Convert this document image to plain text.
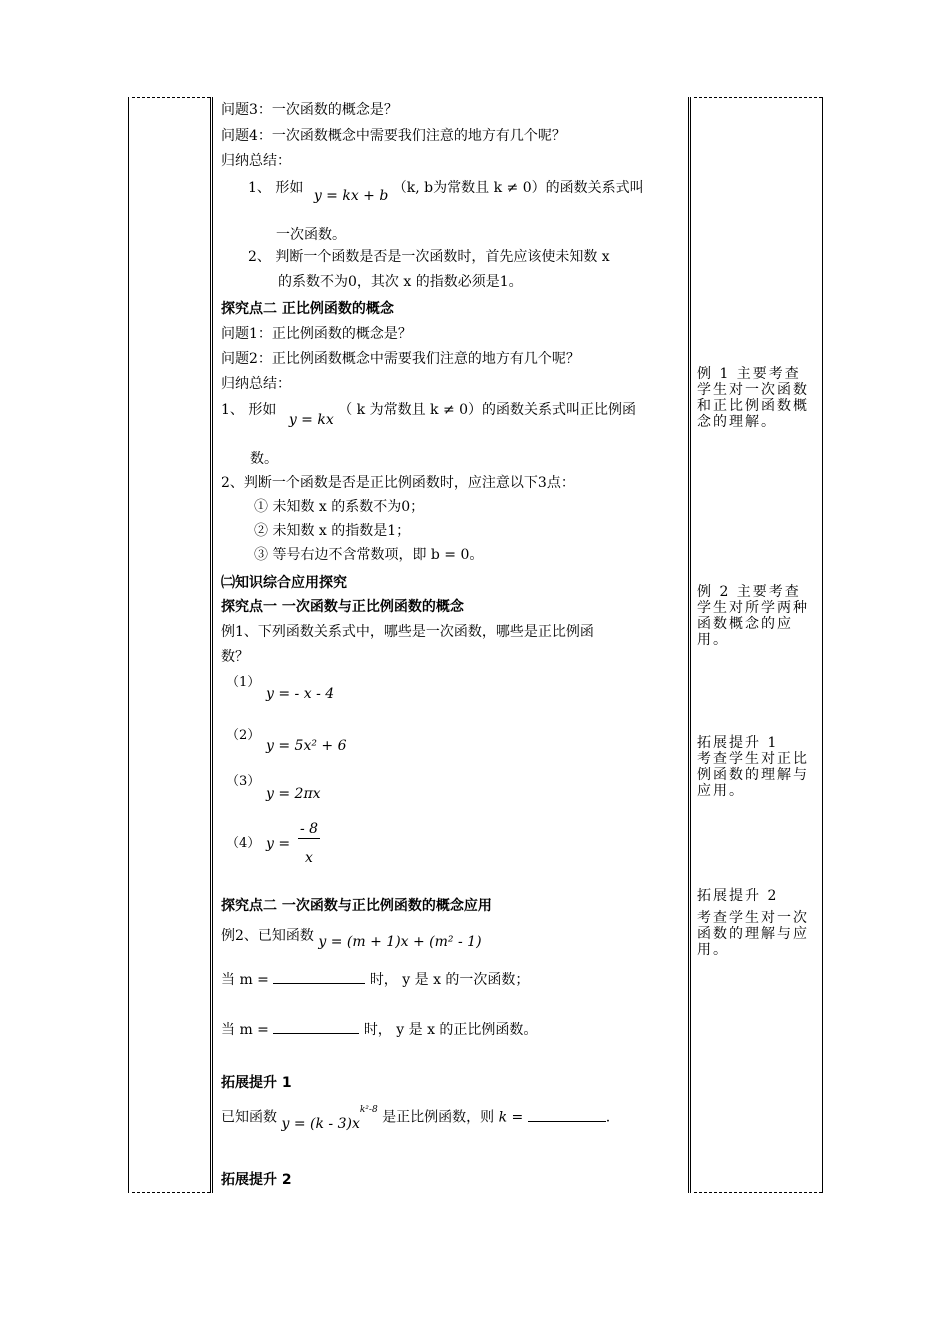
问题3：一次函数的概念是？
问题4：一次函数概念中需要我们注意的地方有几个呢？
归纳总结：
1、 形如 y = kx + b （k, b为常数且 k ≠ 0）的函数关系式叫
一次函数。
2、 判断一个函数是否是一次函数时，首先应该使未知数 x
的系数不为0，其次 x 的指数必须是1。
探究点二 正比例函数的概念
问题1：正比例函数的概念是？
问题2：正比例函数概念中需要我们注意的地方有几个呢？
归纳总结：
1、 形如 y = kx （ k 为常数且 k ≠ 0）的函数关系式叫正比例函
数。
2、判断一个函数是否是正比例函数时，应注意以下3点：
① 未知数 x 的系数不为0；
② 未知数 x 的指数是1；
③ 等号右边不含常数项，即 b = 0。
㈡知识综合应用探究
探究点一 一次函数与正比例函数的概念
例1、下列函数关系式中，哪些是一次函数，哪些是正比例函
数？
（1）
y = - x - 4
（2）
y = 5x² + 6
（3）
y = 2πx
（4） y =
- 8
x
探究点二 一次函数与正比例函数的概念应用
例2、已知函数 y = (m + 1)x + (m² - 1)
当 m =	时， y 是 x 的一次函数；
当 m =	时， y 是 x 的正比例函数。
拓展提升 1
已知函数 $y = (k - 3)x^{k^2-8}$ 是正比例函数，则 k =	.
拓展提升 2
例 1 主要考查学生对一次函数和正比例函数概念的理解。
例 2 主要考查学生对所学两种函数概念的应用。
拓展提升 1
考查学生对正比例函数的理解与应用。
拓展提升 2
考查学生对一次函数的理解与应用。
